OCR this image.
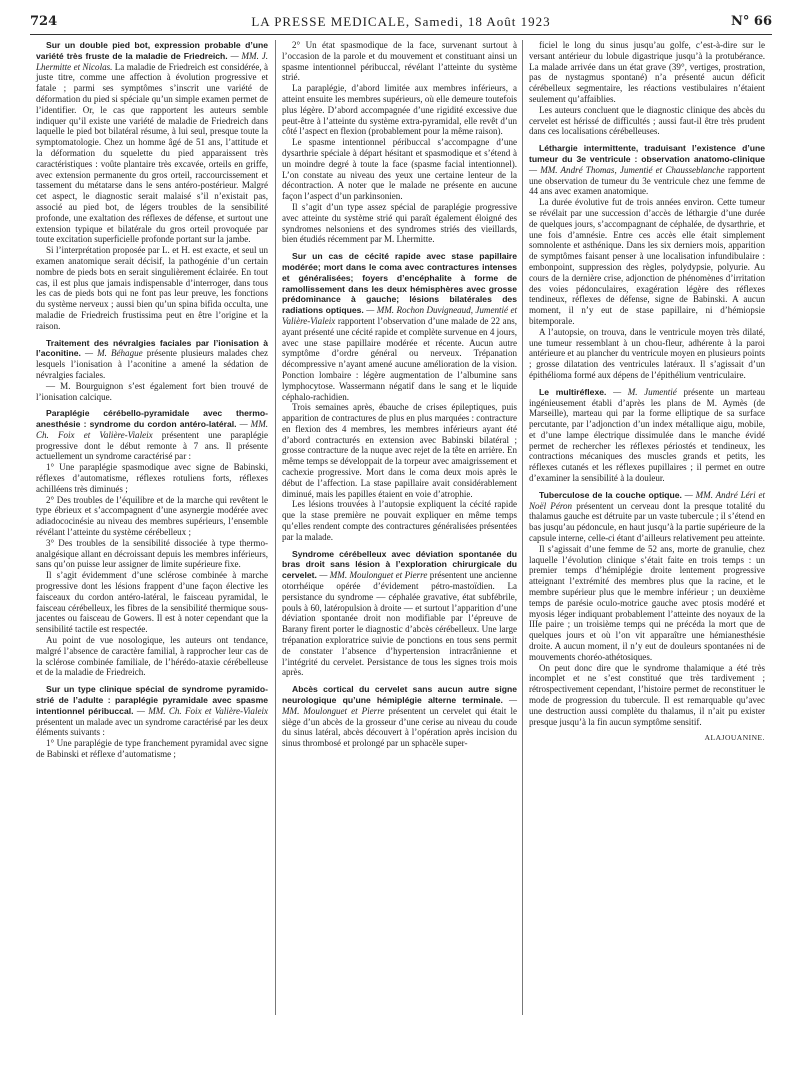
724	LA PRESSE MEDICALE, Samedi, 18 Août 1923	N° 66

Sur un double pied bot, expression probable d’une variété très fruste de la maladie de Friedreich. — MM. J. Lhermitte et Nicolas. La maladie de Friedreich est considérée, à juste titre, comme une affection à évolution progressive et fatale ; parmi ses symptômes s’inscrit une variété de déformation du pied si spéciale qu’un simple examen permet de l’identifier. Or, le cas que rapportent les auteurs semble indiquer qu’il existe une variété de maladie de Friedreich dans laquelle le pied bot bilatéral résume, à lui seul, presque toute la symptomatologie. Chez un homme âgé de 51 ans, l’attitude et la déformation du squelette du pied apparaissent très caractéristiques : voûte plantaire très excavée, orteils en griffe, avec extension permanente du gros orteil, raccourcissement et tassement du métatarse dans le sens antéro-postérieur. Malgré cet aspect, le diagnostic serait malaisé s’il n’existait pas, associé au pied bot, de légers troubles de la sensibilité profonde, une exaltation des réflexes de défense, et surtout une extension typique et bilatérale du gros orteil provoquée par toute excitation superficielle profonde portant sur la jambe.

Si l’interprétation proposée par L. et H. est exacte, et seul un examen anatomique serait décisif, la pathogénie d’un certain nombre de pieds bots en serait singulièrement éclairée. En tout cas, il est plus que jamais indispensable d’interroger, dans tous les cas de pieds bots qui ne font pas leur preuve, les fonctions du système nerveux ; aussi bien qu’un spina bifida occulta, une maladie de Friedreich frustissima peut en être l’origine et la raison.

Traitement des névralgies faciales par l’ionisation à l’aconitine. — M. Béhague présente plusieurs malades chez lesquels l’ionisation à l’aconitine a amené la sédation de névralgies faciales.

— M. Bourguignon s’est également fort bien trouvé de l’ionisation calcique.

Paraplégie cérébello-pyramidale avec thermo-anesthésie : syndrome du cordon antéro-latéral. — MM. Ch. Foix et Valière-Vialeix présentent une paraplégie progressive dont le début remonte à 7 ans. Il présente actuellement un syndrome caractérisé par :

1° Une paraplégie spasmodique avec signe de Babinski, réflexes d’automatisme, réflexes rotuliens forts, réflexes achilléens très diminués ;

2° Des troubles de l’équilibre et de la marche qui revêtent le type ébrieux et s’accompagnent d’une asynergie modérée avec adiadococinésie au niveau des membres supérieurs, l’ensemble révélant l’atteinte du système cérébelleux ;

3° Des troubles de la sensibilité dissociée à type thermo-analgésique allant en décroissant depuis les membres inférieurs, sans qu’on puisse leur assigner de limite supérieure fixe.

Il s’agit évidemment d’une sclérose combinée à marche progressive dont les lésions frappent d’une façon élective les faisceaux du cordon antéro-latéral, le faisceau pyramidal, le faisceau cérébelleux, les fibres de la sensibilité thermique sous-jacentes ou faisceau de Gowers. Il est à noter cependant que la sensibilité tactile est respectée.

Au point de vue nosologique, les auteurs ont tendance, malgré l’absence de caractère familial, à rapprocher leur cas de la sclérose combinée familiale, de l’hérédo-ataxie cérébelleuse et de la maladie de Friedreich.

Sur un type clinique spécial de syndrome pyramido-strié de l’adulte : paraplégie pyramidale avec spasme intentionnel péribuccal. — MM. Ch. Foix et Valière-Vialeix présentent un malade avec un syndrome caractérisé par les deux éléments suivants :

1° Une paraplégie de type franchement pyramidal avec signe de Babinski et réflexe d’automatisme ;

2° Un état spasmodique de la face, survenant surtout à l’occasion de la parole et du mouvement et constituant ainsi un spasme intentionnel péribuccal, révélant l’atteinte du système strié.

La paraplégie, d’abord limitée aux membres inférieurs, a atteint ensuite les membres supérieurs, où elle demeure toutefois plus légère. D’abord accompagnée d’une rigidité excessive due peut-être à l’atteinte du système extra-pyramidal, elle revêt d’un côté l’aspect en flexion (probablement pour la même raison).

Le spasme intentionnel péribuccal s’accompagne d’une dysarthrie spéciale à départ hésitant et spasmodique et s’étend à un moindre degré à toute la face (spasme facial intentionnel). L’on constate au niveau des yeux une certaine lenteur de la décontraction. A noter que le malade ne présente en aucune façon l’aspect d’un parkinsonien.

Il s’agit d’un type assez spécial de paraplégie progressive avec atteinte du système strié qui paraît également éloigné des syndromes nelsoniens et des syndromes striés des vieillards, bien étudiés récemment par M. Lhermitte.

Sur un cas de cécité rapide avec stase papillaire modérée; mort dans le coma avec contractures intenses et généralisées; foyers d’encéphalite à forme de ramollissement dans les deux hémisphères avec grosse prédominance à gauche; lésions bilatérales des radiations optiques. — MM. Rochon Duvigneaud, Jumentié et Valière-Vialeix rapportent l’observation d’une malade de 22 ans, ayant présenté une cécité rapide et complète survenue en 4 jours, avec une stase papillaire modérée et récente. Aucun autre symptôme d’ordre général ou nerveux. Trépanation décompressive n’ayant amené aucune amélioration de la vision. Ponction lombaire : légère augmentation de l’albumine sans lymphocytose. Wassermann négatif dans le sang et le liquide céphalo-rachidien.

Trois semaines après, ébauche de crises épileptiques, puis apparition de contractures de plus en plus marquées : contracture en flexion des 4 membres, les membres inférieurs ayant été d’abord contracturés en extension avec Babinski bilatéral ; grosse contracture de la nuque avec rejet de la tête en arrière. En même temps se développait de la torpeur avec amaigrissement et cachexie progressive. Mort dans le coma deux mois après le début de l’affection. La stase papillaire avait considérablement diminué, mais les papilles étaient en voie d’atrophie.

Les lésions trouvées à l’autopsie expliquent la cécité rapide que la stase première ne pouvait expliquer en même temps qu’elles rendent compte des contractures généralisées présentées par la malade.

Syndrome cérébelleux avec déviation spontanée du bras droit sans lésion à l’exploration chirurgicale du cervelet. — MM. Moulonguet et Pierre présentent une ancienne otorrhéique opérée d’évidement pétro-mastoïdien. La persistance du syndrome — céphalée gravative, état subfébrile, pouls à 60, latéropulsion à droite — et surtout l’apparition d’une déviation spontanée droit non modifiable par l’épreuve de Barany firent porter le diagnostic d’abcès cérébelleux. Une large trépanation exploratrice suivie de ponctions en tous sens permit de constater l’absence d’hypertension intracrânienne et l’intégrité du cervelet. Persistance de tous les signes trois mois après.

Abcès cortical du cervelet sans aucun autre signe neurologique qu’une hémiplégie alterne terminale. — MM. Moulonguet et Pierre présentent un cervelet qui était le siège d’un abcès de la grosseur d’une cerise au niveau du coude du sinus latéral, abcès découvert à l’opération après incision du sinus thrombosé et prolongé par un sphacèle super-

ficiel le long du sinus jusqu’au golfe, c’est-à-dire sur le versant antérieur du lobule digastrique jusqu’à la protubérance. La malade arrivée dans un état grave (39°, vertiges, prostration, pas de nystagmus spontané) n’a présenté aucun déficit cérébelleux segmentaire, les réactions vestibulaires n’étaient seulement qu’affaiblies.

Les auteurs concluent que le diagnostic clinique des abcès du cervelet est hérissé de difficultés ; aussi faut-il être très prudent dans ces localisations cérébelleuses.

Léthargie intermittente, traduisant l’existence d’une tumeur du 3e ventricule : observation anatomo-clinique — MM. André Thomas, Jumentié et Chausseblanche rapportent une observation de tumeur du 3e ventricule chez une femme de 44 ans avec examen anatomique.

La durée évolutive fut de trois années environ. Cette tumeur se révélait par une succession d’accès de léthargie d’une durée de quelques jours, s’accompagnant de céphalée, de dysarthrie, et une fois d’amnésie. Entre ces accès elle était simplement somnolente et asthénique. Dans les six derniers mois, apparition de symptômes faisant penser à une localisation infundibulaire : embonpoint, suppression des règles, polydypsie, polyurie. Au cours de la dernière crise, adjonction de phénomènes d’irritation des voies pédonculaires, exagération légère des réflexes tendineux, réflexes de défense, signe de Babinski. A aucun moment, il n’y eut de stase papillaire, ni d’hémiopsie bitemporale.

A l’autopsie, on trouva, dans le ventricule moyen très dilaté, une tumeur ressemblant à un chou-fleur, adhérente à la paroi antérieure et au plancher du ventricule moyen en plusieurs points ; grosse dilatation des ventricules latéraux. Il s’agissait d’un épithélioma formé aux dépens de l’épithélium ventriculaire.

Le multiréflexe. — M. Jumentié présente un marteau ingénieusement établi d’après les plans de M. Aymès (de Marseille), marteau qui par la forme elliptique de sa surface percutante, par l’adjonction d’un index métallique aigu, mobile, et d’une lampe électrique dissimulée dans le manche évidé permet de rechercher les réflexes périostés et tendineux, les contractions mécaniques des muscles grands et petits, les réflexes cutanés et les réflexes pupillaires ; il permet en outre d’examiner la sensibilité à la douleur.

Tuberculose de la couche optique. — MM. André Léri et Noël Péron présentent un cerveau dont la presque totalité du thalamus gauche est détruite par un vaste tubercule ; il s’étend en bas jusqu’au pédoncule, en haut jusqu’à la partie supérieure de la capsule interne, celle-ci étant d’ailleurs relativement peu atteinte.

Il s’agissait d’une femme de 52 ans, morte de granulie, chez laquelle l’évolution clinique s’était faite en trois temps : un premier temps d’hémiplégie droite lentement progressive atteignant l’extrémité des membres plus que la racine, et le membre supérieur plus que le membre inférieur ; un deuxième temps de parésie oculo-motrice gauche avec ptosis modéré et myosis léger indiquant probablement l’atteinte des noyaux de la IIIe paire ; un troisième temps qui ne précéda la mort que de quelques jours et où l’on vit apparaître une hémianesthésie droite. A aucun moment, il n’y eut de douleurs spontanées ni de mouvements choréo-athétosiques.

On peut donc dire que le syndrome thalamique a été très incomplet et ne s’est constitué que très tardivement ; rétrospectivement cependant, l’histoire permet de reconstituer le mode de progression du tubercule. Il est remarquable qu’avec une destruction aussi complète du thalamus, il n’ait pu exister presque jusqu’à la fin aucun symptôme sensitif.

ALAJOUANINE.
